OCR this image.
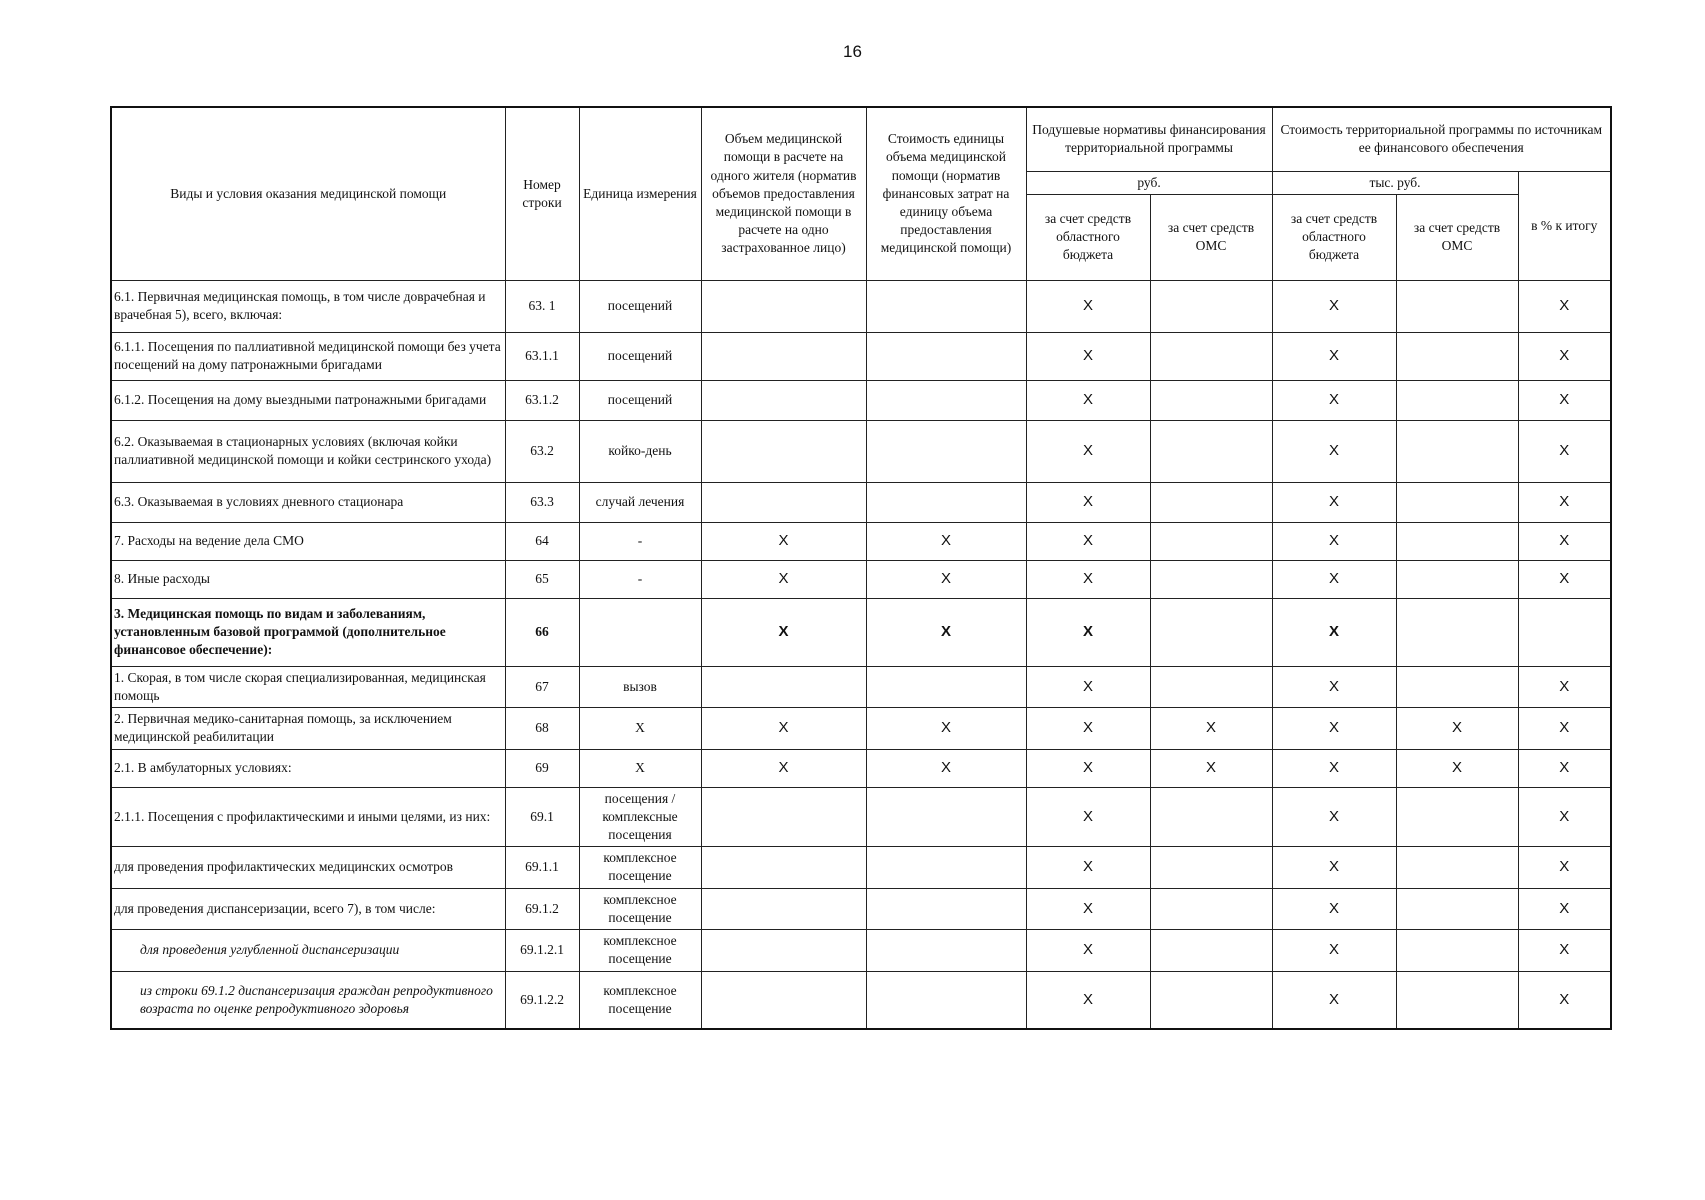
16
Виды и условия оказания медицинской помощи	Номер строки	Единица измерения	Объем медицинской помощи в расчете на одного жителя (норматив объемов предоставления медицинской помощи в расчете на одно застрахованное лицо)	Стоимость единицы объема медицинской помощи (норматив финансовых затрат на единицу объема предоставления медицинской помощи)	Подушевые нормативы финансирования территориальной программы		Стоимость территориальной программы по источникам ее финансового обеспечения		
					руб.		тыс. руб.		в % к итогу
					за счет средств областного бюджета	за счет средств ОМС	за счет средств областного бюджета	за счет средств ОМС	
6.1. Первичная медицинская помощь, в том числе доврачебная и врачебная 5), всего, включая:	63. 1	посещений			Х		Х		Х
6.1.1. Посещения по паллиативной медицинской помощи без учета посещений на дому патронажными бригадами	63.1.1	посещений			Х		Х		Х
6.1.2. Посещения на дому выездными патронажными бригадами	63.1.2	посещений			Х		Х		Х
6.2. Оказываемая в стационарных условиях (включая койки паллиативной медицинской помощи и койки сестринского ухода)	63.2	койко-день			Х		Х		Х
6.3. Оказываемая в условиях дневного стационара	63.3	случай лечения			Х		Х		Х
7. Расходы на ведение дела СМО	64	-	Х	Х	Х		Х		Х
8. Иные расходы	65	-	Х	Х	Х		Х		Х
3. Медицинская помощь по видам и заболеваниям, установленным базовой программой (дополнительное финансовое обеспечение):	66		Х	Х	Х		Х		
1. Скорая, в том числе скорая специализированная, медицинская помощь	67	вызов			Х		Х		Х
2. Первичная медико-санитарная помощь, за исключением медицинской реабилитации	68	Х	Х	Х	Х	Х	Х	Х	Х
2.1. В амбулаторных условиях:	69	Х	Х	Х	Х	Х	Х	Х	Х
2.1.1. Посещения с профилактическими и иными целями, из них:	69.1	посещения / комплексные посещения			Х		Х		Х
для проведения профилактических медицинских осмотров	69.1.1	комплексное посещение			Х		Х		Х
для проведения диспансеризации, всего 7), в том числе:	69.1.2	комплексное посещение			Х		Х		Х
для проведения углубленной диспансеризации	69.1.2.1	комплексное посещение			Х		Х		Х
из строки 69.1.2 диспансеризация граждан репродуктивного возраста по оценке репродуктивного здоровья	69.1.2.2	комплексное посещение			Х		Х		Х
